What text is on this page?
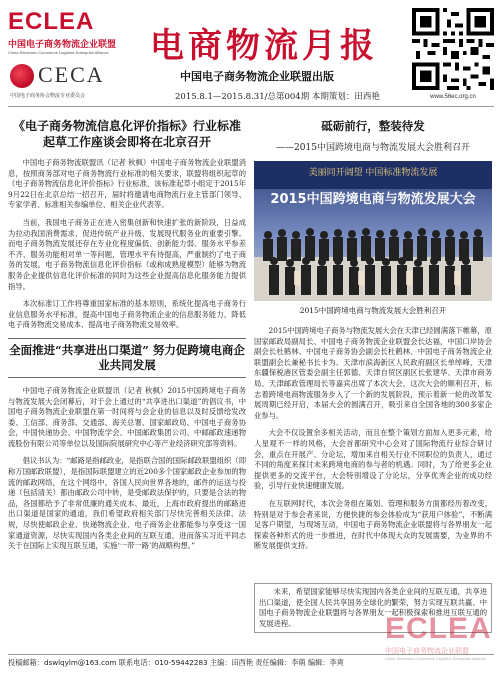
ECLEA
中国电子商务物流企业联盟
China Electronic Commerce Logistics Enterprise Alliance
CECA
中国电子商务协会物流专业委员会
电商物流月报
中国电子商务物流企业联盟出版
2015.8.1—2015.8.31/总第004期 本期策划：田西艳	www.56ec.org.cn
《电子商务物流信息化评价指标》行业标准起草工作座谈会即将在北京召开

中国电子商务物流联盟讯（记者 秋枫）中国电子商务物流企业联盟消息，按照商务部对电子商务物流行业标准的相关要求，联盟将组织起草的《电子商务物流信息化评价指标》行业标准，该标准起草小组定于2015年9月22日在北京总结一招召开，届时将邀请电商物流行业主管部门领导、专家学者、标准相关参编单位、相关企业代表等。

当前，我国电子商务正在进入密集创新和快速扩张的新阶段，日益成为拉动我国消费需求、促进传统产业升级、发展现代服务业的重要引擎。而电子商务物流发展还存在专业化程度偏低、创新能力弱、服务水平参差不齐、服务功能相对单一等问题，管理水平有待提高，严重制约了电子商务的发展。电子商务物流信息化评价指标（或称成熟度模型）能够为物流服务企业提供信息化评价标准的同时为这些企业提高信息化服务能力提供指导。

本次标准订工作将尊重国家标准的基本原则，系统化提高电子商务行业信息服务水平标准，提高中国电子商务物流企业的信息服务能力，降低电子商务物流交易成本、提高电子商务物流交易效率。

全面推进“共享进出口渠道” 努力促跨境电商企业共同发展

中国电子商务物流企业联盟讯（记者 秋枫）2015中国跨境电子商务与物流发展大会闭幕后，对于会上通过的“共享进出口渠道”的倡议书，中国电子商务物流企业联盟在第一时间将与会企业的信息以及时反馈给发改委、工信部、商务部、交通部、海关总署、国家邮政局、中国电子商务协会，中国快递协会、中国物流学会、中国邮政集团公司、中邮邮政速递物流股份有限公司等单位以及国际院展研究中心等产业经济研究部等资料。

倡议书认为：“邮路是指邮政业，是指联合国的国际邮政联盟组织（即称万国邮政联盟），是指国际联盟建立的近200多个国家邮政企业参加的物流的邮政网络，在这个网络中，各国人民向世界各地的，邮件的运送与投递（包括清关）都由邮政公司中转，是受邮政法保护的，只要是合法的物品，各国都给予了非常低廉的通关成本、最近，上海市政府提出的邮路进出口渠道是国家的通道，我们希望政府相关部门尽快完善相关法律、法规，尽快使邮政企业、快递物流企业、电子商务企业都能参与享受这一国家通道资源，尽快实现国内各类企业间的互联互通，进而落实习近平同志关于在国际上实现互联互通，实施‘一带一路’的战略构想。”

砥砺前行，整装待发
——2015中国跨境电商与物流发展大会胜利召开
美丽同开阔望 中国标准物流发展
2015中国跨境电商与物流发展大会
2015中国跨境电商与物流发展大会胜利召开

2015中国跨境电子商务与物流发展大会在天津已经圆满落下帷幕，原国家邮政局副局长、中国电子商务物流企业联盟会长达福，中国口岸协会副会长杜鹤林、中国电子商务协会副会长杜鹤林、中国电子商务物流企业联盟副会长兼秘书长卡为、天津市滨海新区人民政府副区长单绰峰、天津东疆保税港区管委会副主任郭德、天津自贸区副区长张建华、天津市商务局、天津邮政管理局长等嘉宾出席了本次大会，这次大会的顺利召开，标志着跨境电商物流服务步入了一个新的发展阶段，预示着新一轮的改革发展周期已经开启，本届大会的圆满召开，吸引来自全国各地的300多家企业参与。

大会不仅设置余多相关活动，而且在整个策划方面加入更多元素，给人星观不一样的风格，大会首都研究中心会对了国际物流行业综合研讨会，重点在开展产、分论坛，增加来自相关行业不同职位的负责人，通过不同的角度来探讨未来跨境电商的参与者的机遇。同时，为了给更多企业提供更多的交流平台，大会特别增设了分论坛，分享优秀企业的成功经验，引导行业快速健康发展。

在互联网时代，本次会务组在策划、管理和服务方面都经历着改变，特别是对于参会者来说，方便快捷的参会体验成为“获用户体验”，不断满足客户期望，与现场互动，中国电子商务物流企业联盟将与各界朋友一起探索各种形式的进一步推进，在时代中体现大众的发展需要，为业界的不断发展提供支持。

未来，希望国家能够尽快实现国内各类企业间的互联互通，共享进出口渠道，使全国人民共享国务全球化的繁荣，努力实现互联共赢、中国电子商务物流企业联盟将与各界朋友一起积极探索和推进互联互通的发展进程。

投稿邮箱：dswlqylm@163.com 联系电话：010-59442283 主编：田西艳 责任编辑：李萌 编辑：李爽
ECLEA
中国电子商务物流企业联盟
China Electronic Commerce Logistics Enterprise Alliance
